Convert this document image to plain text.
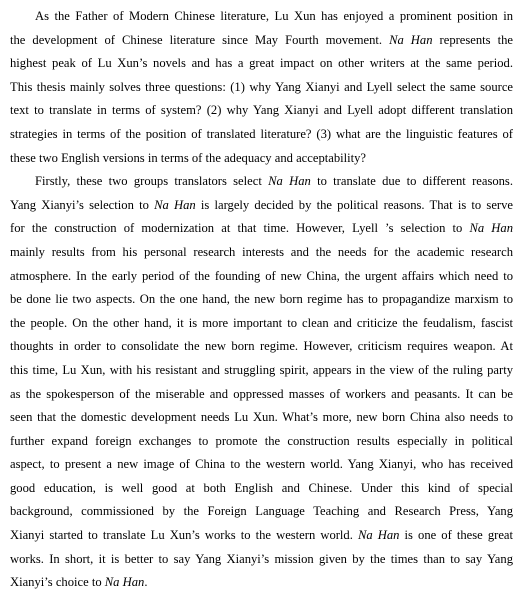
As the Father of Modern Chinese literature, Lu Xun has enjoyed a prominent position in
the development of Chinese literature since May Fourth movement. Na Han represents the
highest peak of Lu Xun’s novels and has a great impact on other writers at the same period.
This thesis mainly solves three questions: (1) why Yang Xianyi and Lyell select the same source
text to translate in terms of system? (2) why Yang Xianyi and Lyell adopt different translation
strategies in terms of the position of translated literature? (3) what are the linguistic features of
these two English versions in terms of the adequacy and acceptability?
Firstly, these two groups translators select Na Han to translate due to different reasons.
Yang Xianyi’s selection to Na Han is largely decided by the political reasons. That is to serve
for the construction of modernization at that time. However, Lyell ’s selection to Na Han
mainly results from his personal research interests and the needs for the academic research
atmosphere. In the early period of the founding of new China, the urgent affairs which need to
be done lie two aspects. On the one hand, the new born regime has to propagandize marxism to
the people. On the other hand, it is more important to clean and criticize the feudalism, fascist
thoughts in order to consolidate the new born regime. However, criticism requires weapon. At
this time, Lu Xun, with his resistant and struggling spirit, appears in the view of the ruling party
as the spokesperson of the miserable and oppressed masses of workers and peasants. It can be
seen that the domestic development needs Lu Xun. What’s more, new born China also needs to
further expand foreign exchanges to promote the construction results especially in political
aspect, to present a new image of China to the western world. Yang Xianyi, who has received
good education, is well good at both English and Chinese. Under this kind of special
background, commissioned by the Foreign Language Teaching and Research Press, Yang
Xianyi started to translate Lu Xun’s works to the western world. Na Han is one of these great
works. In short, it is better to say Yang Xianyi’s mission given by the times than to say Yang
Xianyi’s choice to Na Han.
